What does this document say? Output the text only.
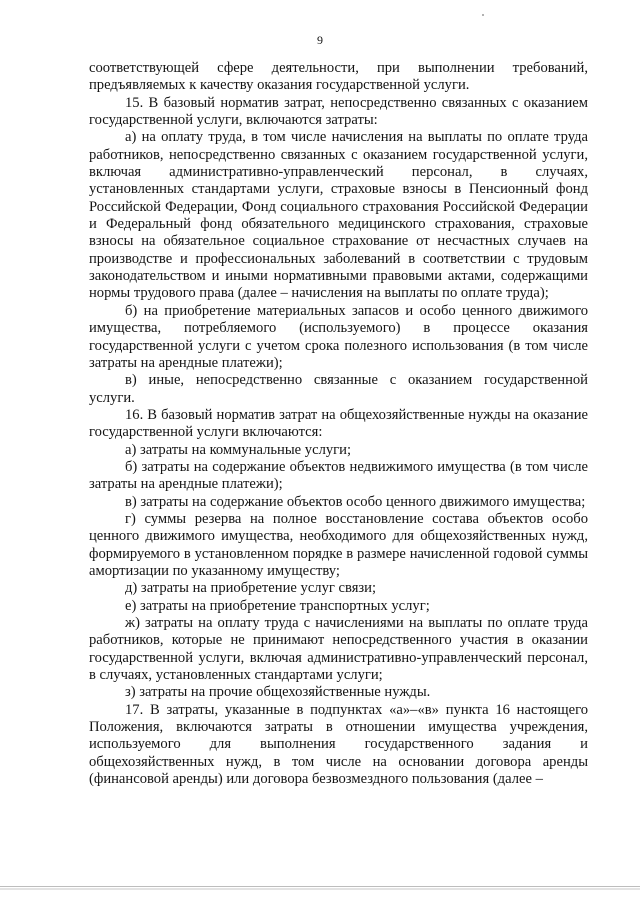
9

соответствующей сфере деятельности, при выполнении требований, предъявляемых к качеству оказания государственной услуги.

15. В базовый норматив затрат, непосредственно связанных с оказанием государственной услуги, включаются затраты:

а) на оплату труда, в том числе начисления на выплаты по оплате труда работников, непосредственно связанных с оказанием государственной услуги, включая административно-управленческий персонал, в случаях, установленных стандартами услуги, страховые взносы в Пенсионный фонд Российской Федерации, Фонд социального страхования Российской Федерации и Федеральный фонд обязательного медицинского страхования, страховые взносы на обязательное социальное страхование от несчастных случаев на производстве и профессиональных заболеваний в соответствии с трудовым законодательством и иными нормативными правовыми актами, содержащими нормы трудового права (далее – начисления на выплаты по оплате труда);

б) на приобретение материальных запасов и особо ценного движимого имущества, потребляемого (используемого) в процессе оказания государственной услуги с учетом срока полезного использования (в том числе затраты на арендные платежи);

в) иные, непосредственно связанные с оказанием государственной услуги.

16. В базовый норматив затрат на общехозяйственные нужды на оказание государственной услуги включаются:

а) затраты на коммунальные услуги;

б) затраты на содержание объектов недвижимого имущества (в том числе затраты на арендные платежи);

в) затраты на содержание объектов особо ценного движимого имущества;

г) суммы резерва на полное восстановление состава объектов особо ценного движимого имущества, необходимого для общехозяйственных нужд, формируемого в установленном порядке в размере начисленной годовой суммы амортизации по указанному имуществу;

д) затраты на приобретение услуг связи;

е) затраты на приобретение транспортных услуг;

ж) затраты на оплату труда с начислениями на выплаты по оплате труда работников, которые не принимают непосредственного участия в оказании государственной услуги, включая административно-управленческий персонал, в случаях, установленных стандартами услуги;

з) затраты на прочие общехозяйственные нужды.

17. В затраты, указанные в подпунктах «а»–«в» пункта 16 настоящего Положения, включаются затраты в отношении имущества учреждения, используемого для выполнения государственного задания и общехозяйственных нужд, в том числе на основании договора аренды (финансовой аренды) или договора безвозмездного пользования (далее –
